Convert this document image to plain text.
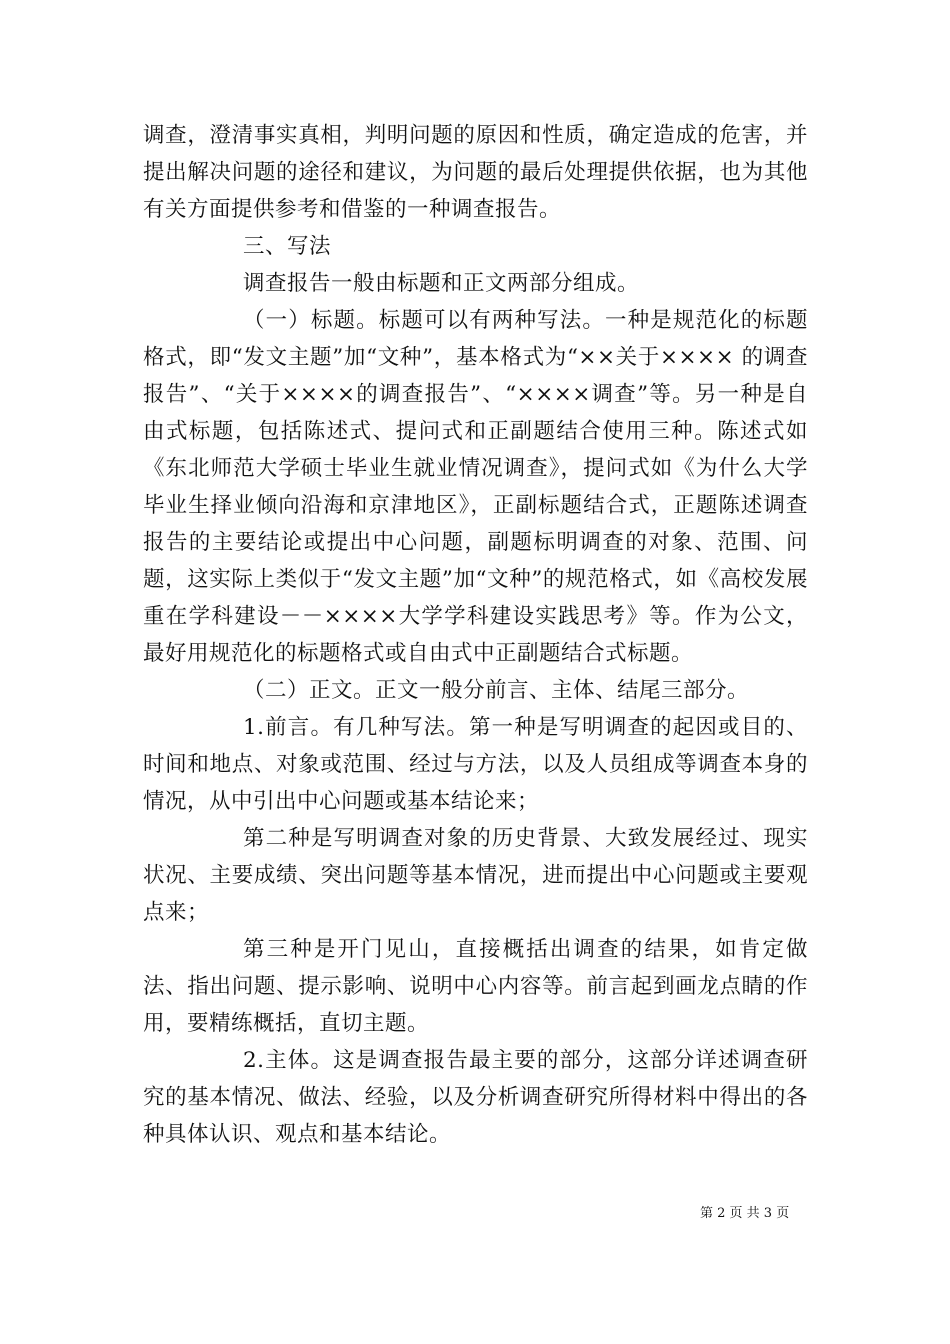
调查，澄清事实真相，判明问题的原因和性质，确定造成的危害，并提出解决问题的途径和建议，为问题的最后处理提供依据，也为其他有关方面提供参考和借鉴的一种调查报告。

三、写法

调查报告一般由标题和正文两部分组成。

（一）标题。标题可以有两种写法。一种是规范化的标题格式，即“发文主题”加“文种”，基本格式为“××关于×××× 的调查报告”、“关于××××的调查报告”、“××××调查”等。另一种是自由式标题，包括陈述式、提问式和正副题结合使用三种。陈述式如《东北师范大学硕士毕业生就业情况调查》，提问式如《为什么大学毕业生择业倾向沿海和京津地区》，正副标题结合式，正题陈述调查报告的主要结论或提出中心问题，副题标明调查的对象、范围、问题，这实际上类似于“发文主题”加“文种”的规范格式，如《高校发展重在学科建设－－××××大学学科建设实践思考》等。作为公文，最好用规范化的标题格式或自由式中正副题结合式标题。

（二）正文。正文一般分前言、主体、结尾三部分。

1.前言。有几种写法。第一种是写明调查的起因或目的、时间和地点、对象或范围、经过与方法，以及人员组成等调查本身的情况，从中引出中心问题或基本结论来；

第二种是写明调查对象的历史背景、大致发展经过、现实状况、主要成绩、突出问题等基本情况，进而提出中心问题或主要观点来；

第三种是开门见山，直接概括出调查的结果，如肯定做法、指出问题、提示影响、说明中心内容等。前言起到画龙点睛的作用，要精练概括，直切主题。

2.主体。这是调查报告最主要的部分，这部分详述调查研究的基本情况、做法、经验，以及分析调查研究所得材料中得出的各种具体认识、观点和基本结论。

第 2 页 共 3 页
